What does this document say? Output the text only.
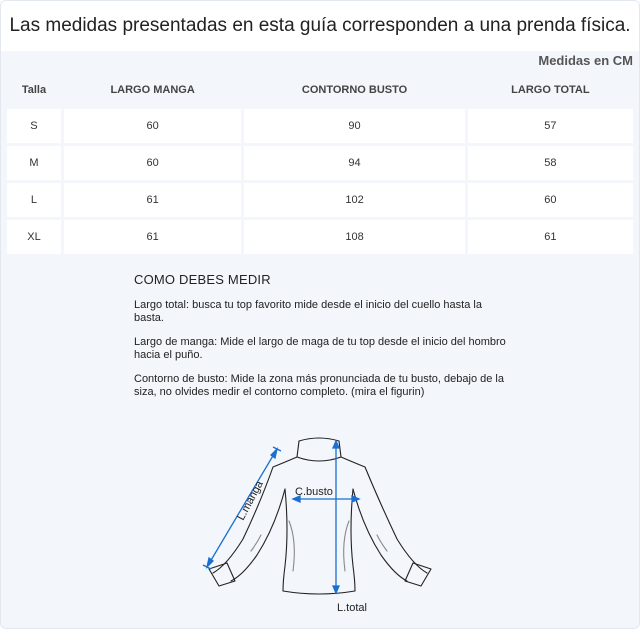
Las medidas presentadas en esta guía corresponden a una prenda física.
Medidas en CM
Talla	LARGO MANGA	CONTORNO BUSTO	LARGO TOTAL
S	60	90	57
M	60	94	58
L	61	102	60
XL	61	108	61
COMO DEBES MEDIR

Largo total: busca tu top favorito mide desde el inicio del cuello hasta la basta.

Largo de manga: Mide el largo de maga de tu top desde el inicio del hombro hacia el puño.

Contorno de busto: Mide la zona más pronunciada de tu busto, debajo de la siza, no olvides medir el contorno completo. (mira el figurin)

L.manga	C.busto
L.total
